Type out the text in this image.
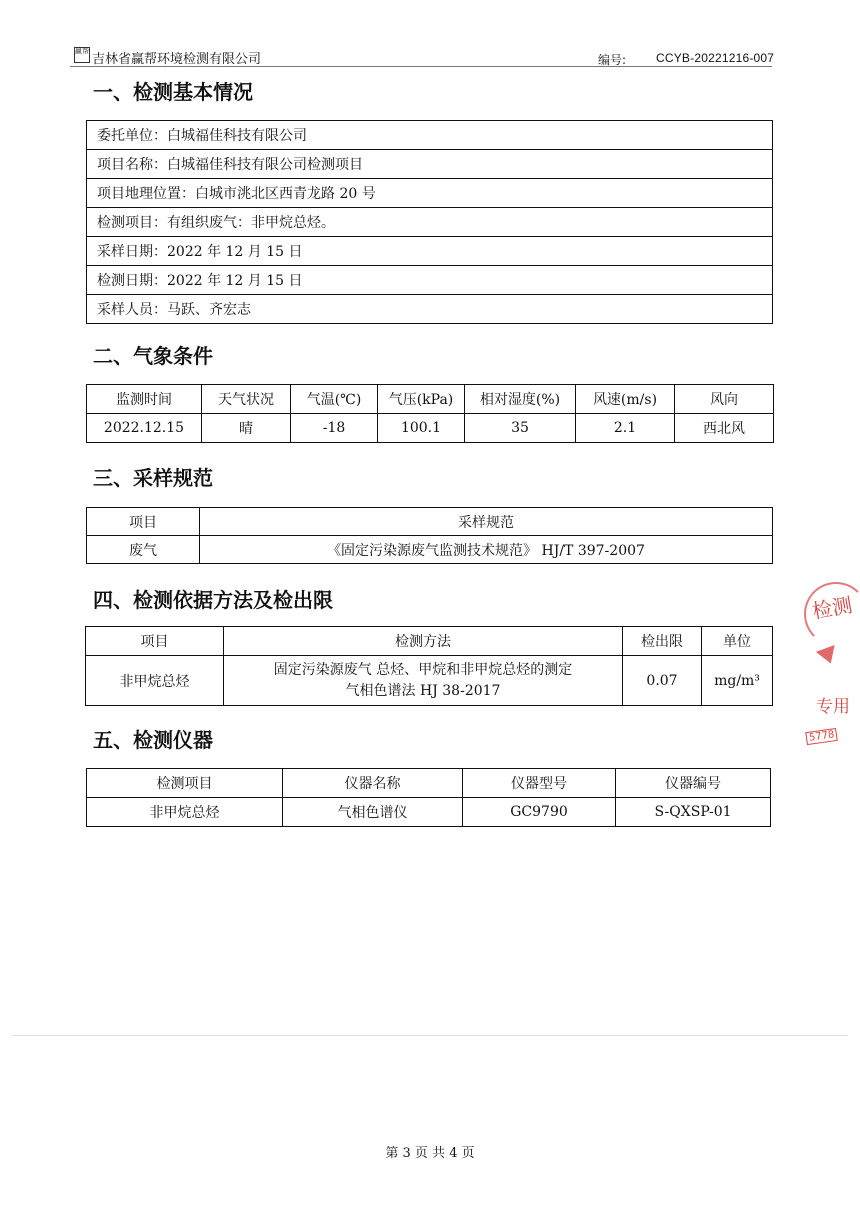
赢帮
吉林省赢帮环境检测有限公司	编号: CCYB-20221216-007
一、检测基本情况
委托单位：白城福佳科技有限公司
项目名称：白城福佳科技有限公司检测项目
项目地理位置：白城市洮北区西青龙路 20 号
检测项目：有组织废气：非甲烷总烃。
采样日期：2022 年 12 月 15 日
检测日期：2022 年 12 月 15 日
采样人员：马跃、齐宏志
二、气象条件
监测时间	天气状况	气温(℃)	气压(kPa)	相对湿度(%)	风速(m/s)	风向
2022.12.15	晴	-18	100.1	35	2.1	西北风
三、采样规范
项目	采样规范
废气	《固定污染源废气监测技术规范》 HJ/T 397-2007
四、检测依据方法及检出限
项目	检测方法	检出限	单位
非甲烷总烃	固定污染源废气 总烃、甲烷和非甲烷总烃的测定
气相色谱法 HJ 38-2017	0.07	mg/m³
五、检测仪器
检测项目	仪器名称	仪器型号	仪器编号
非甲烷总烃	气相色谱仪	GC9790	S-QXSP-01
检测
专用
5778
第 3 页 共 4 页
